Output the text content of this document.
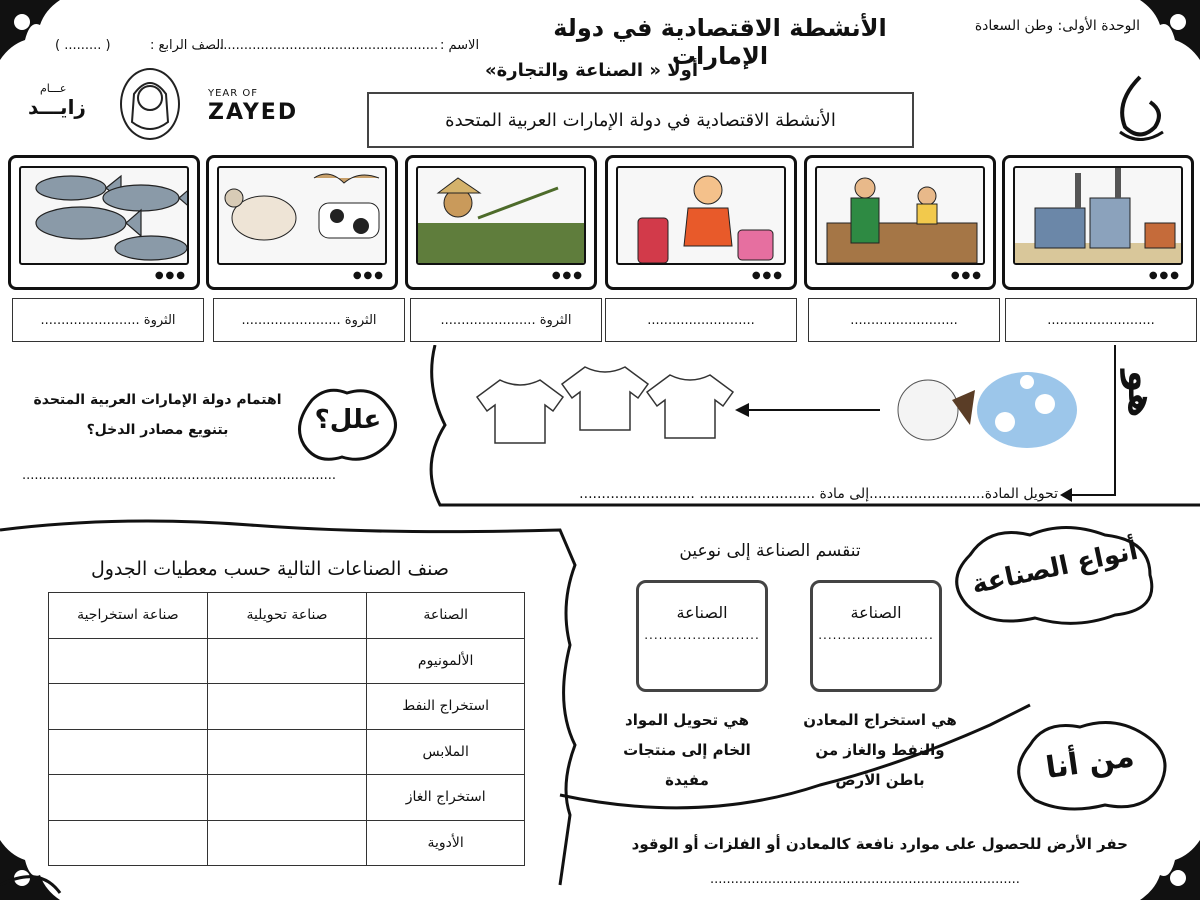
الوحدة الأولى: وطن السعادة
الأنشطة الاقتصادية في دولة الإمارات
الاسم :
......................................................
الصف الرابع :
( ......... )
أولا « الصناعة والتجارة»
YEAR OF
ZAYED
عـــام
زايـــد
الأنشطة الاقتصادية في دولة الإمارات العربية المتحدة
●●●	●●●	●●●	●●●	●●●	●●●
..........................
..........................
..........................
الثروة .......................
الثروة ........................
الثروة ........................
علل؟
اهتمام دولة الإمارات العربية المتحدة
بتنويع مصادر الدخل؟
............................................................................
هو
تحويل المادة..........................إلى مادة .......................... ..........................
صنف الصناعات التالية حسب معطيات الجدول
الصناعة	صناعة تحويلية	صناعة استخراجية
الألمونيوم		
استخراج النفط		
الملابس		
استخراج الغاز		
الأدوية		
أنواع الصناعة
تنقسم الصناعة إلى نوعين
الصناعة
........................
الصناعة
........................
هي تحويل المواد
الخام إلى منتجات
مفيدة
هي استخراج المعادن
والنفط والغاز من
باطن الأرض	من أنا
حفر الأرض للحصول على موارد نافعة كالمعادن أو الفلزات أو الوقود
...........................................................................
